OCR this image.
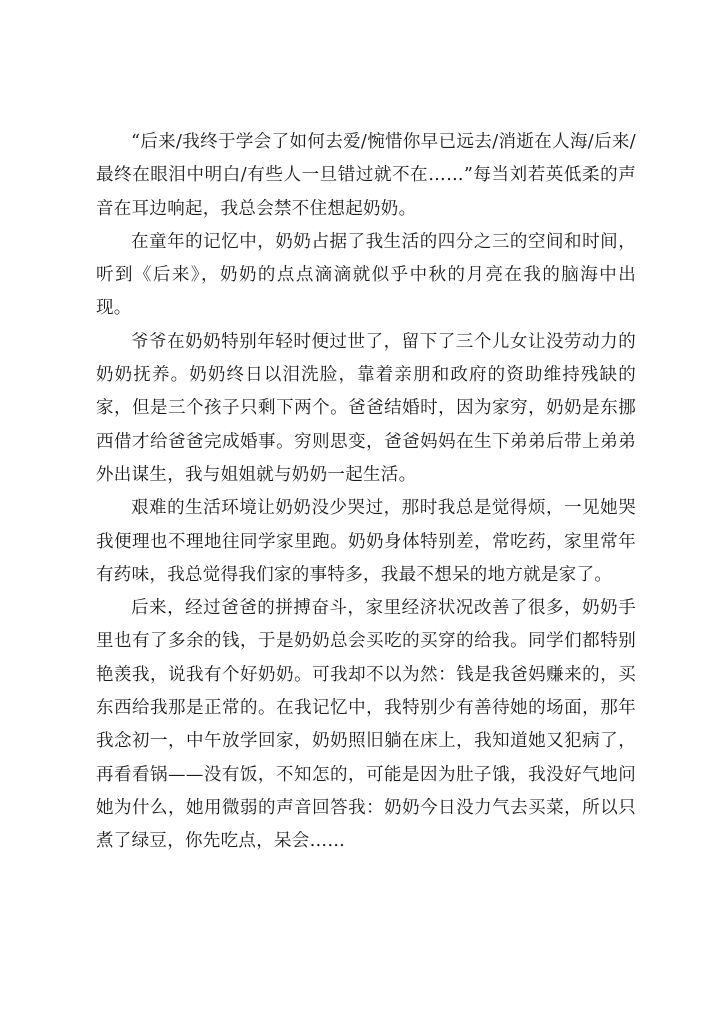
“后来/我终于学会了如何去爱/惋惜你早已远去/消逝在人海/后来/最终在眼泪中明白/有些人一旦错过就不在……”每当刘若英低柔的声音在耳边响起，我总会禁不住想起奶奶。

在童年的记忆中，奶奶占据了我生活的四分之三的空间和时间，听到《后来》，奶奶的点点滴滴就似乎中秋的月亮在我的脑海中出现。

爷爷在奶奶特别年轻时便过世了，留下了三个儿女让没劳动力的奶奶抚养。奶奶终日以泪洗脸，靠着亲朋和政府的资助维持残缺的家，但是三个孩子只剩下两个。爸爸结婚时，因为家穷，奶奶是东挪西借才给爸爸完成婚事。穷则思变，爸爸妈妈在生下弟弟后带上弟弟外出谋生，我与姐姐就与奶奶一起生活。

艰难的生活环境让奶奶没少哭过，那时我总是觉得烦，一见她哭我便理也不理地往同学家里跑。奶奶身体特别差，常吃药，家里常年有药味，我总觉得我们家的事特多，我最不想呆的地方就是家了。

后来，经过爸爸的拼搏奋斗，家里经济状况改善了很多，奶奶手里也有了多余的钱，于是奶奶总会买吃的买穿的给我。同学们都特别艳羡我，说我有个好奶奶。可我却不以为然：钱是我爸妈赚来的，买东西给我那是正常的。在我记忆中，我特别少有善待她的场面，那年我念初一，中午放学回家，奶奶照旧躺在床上，我知道她又犯病了，再看看锅——没有饭，不知怎的，可能是因为肚子饿，我没好气地问她为什么，她用微弱的声音回答我：奶奶今日没力气去买菜，所以只煮了绿豆，你先吃点，呆会……
